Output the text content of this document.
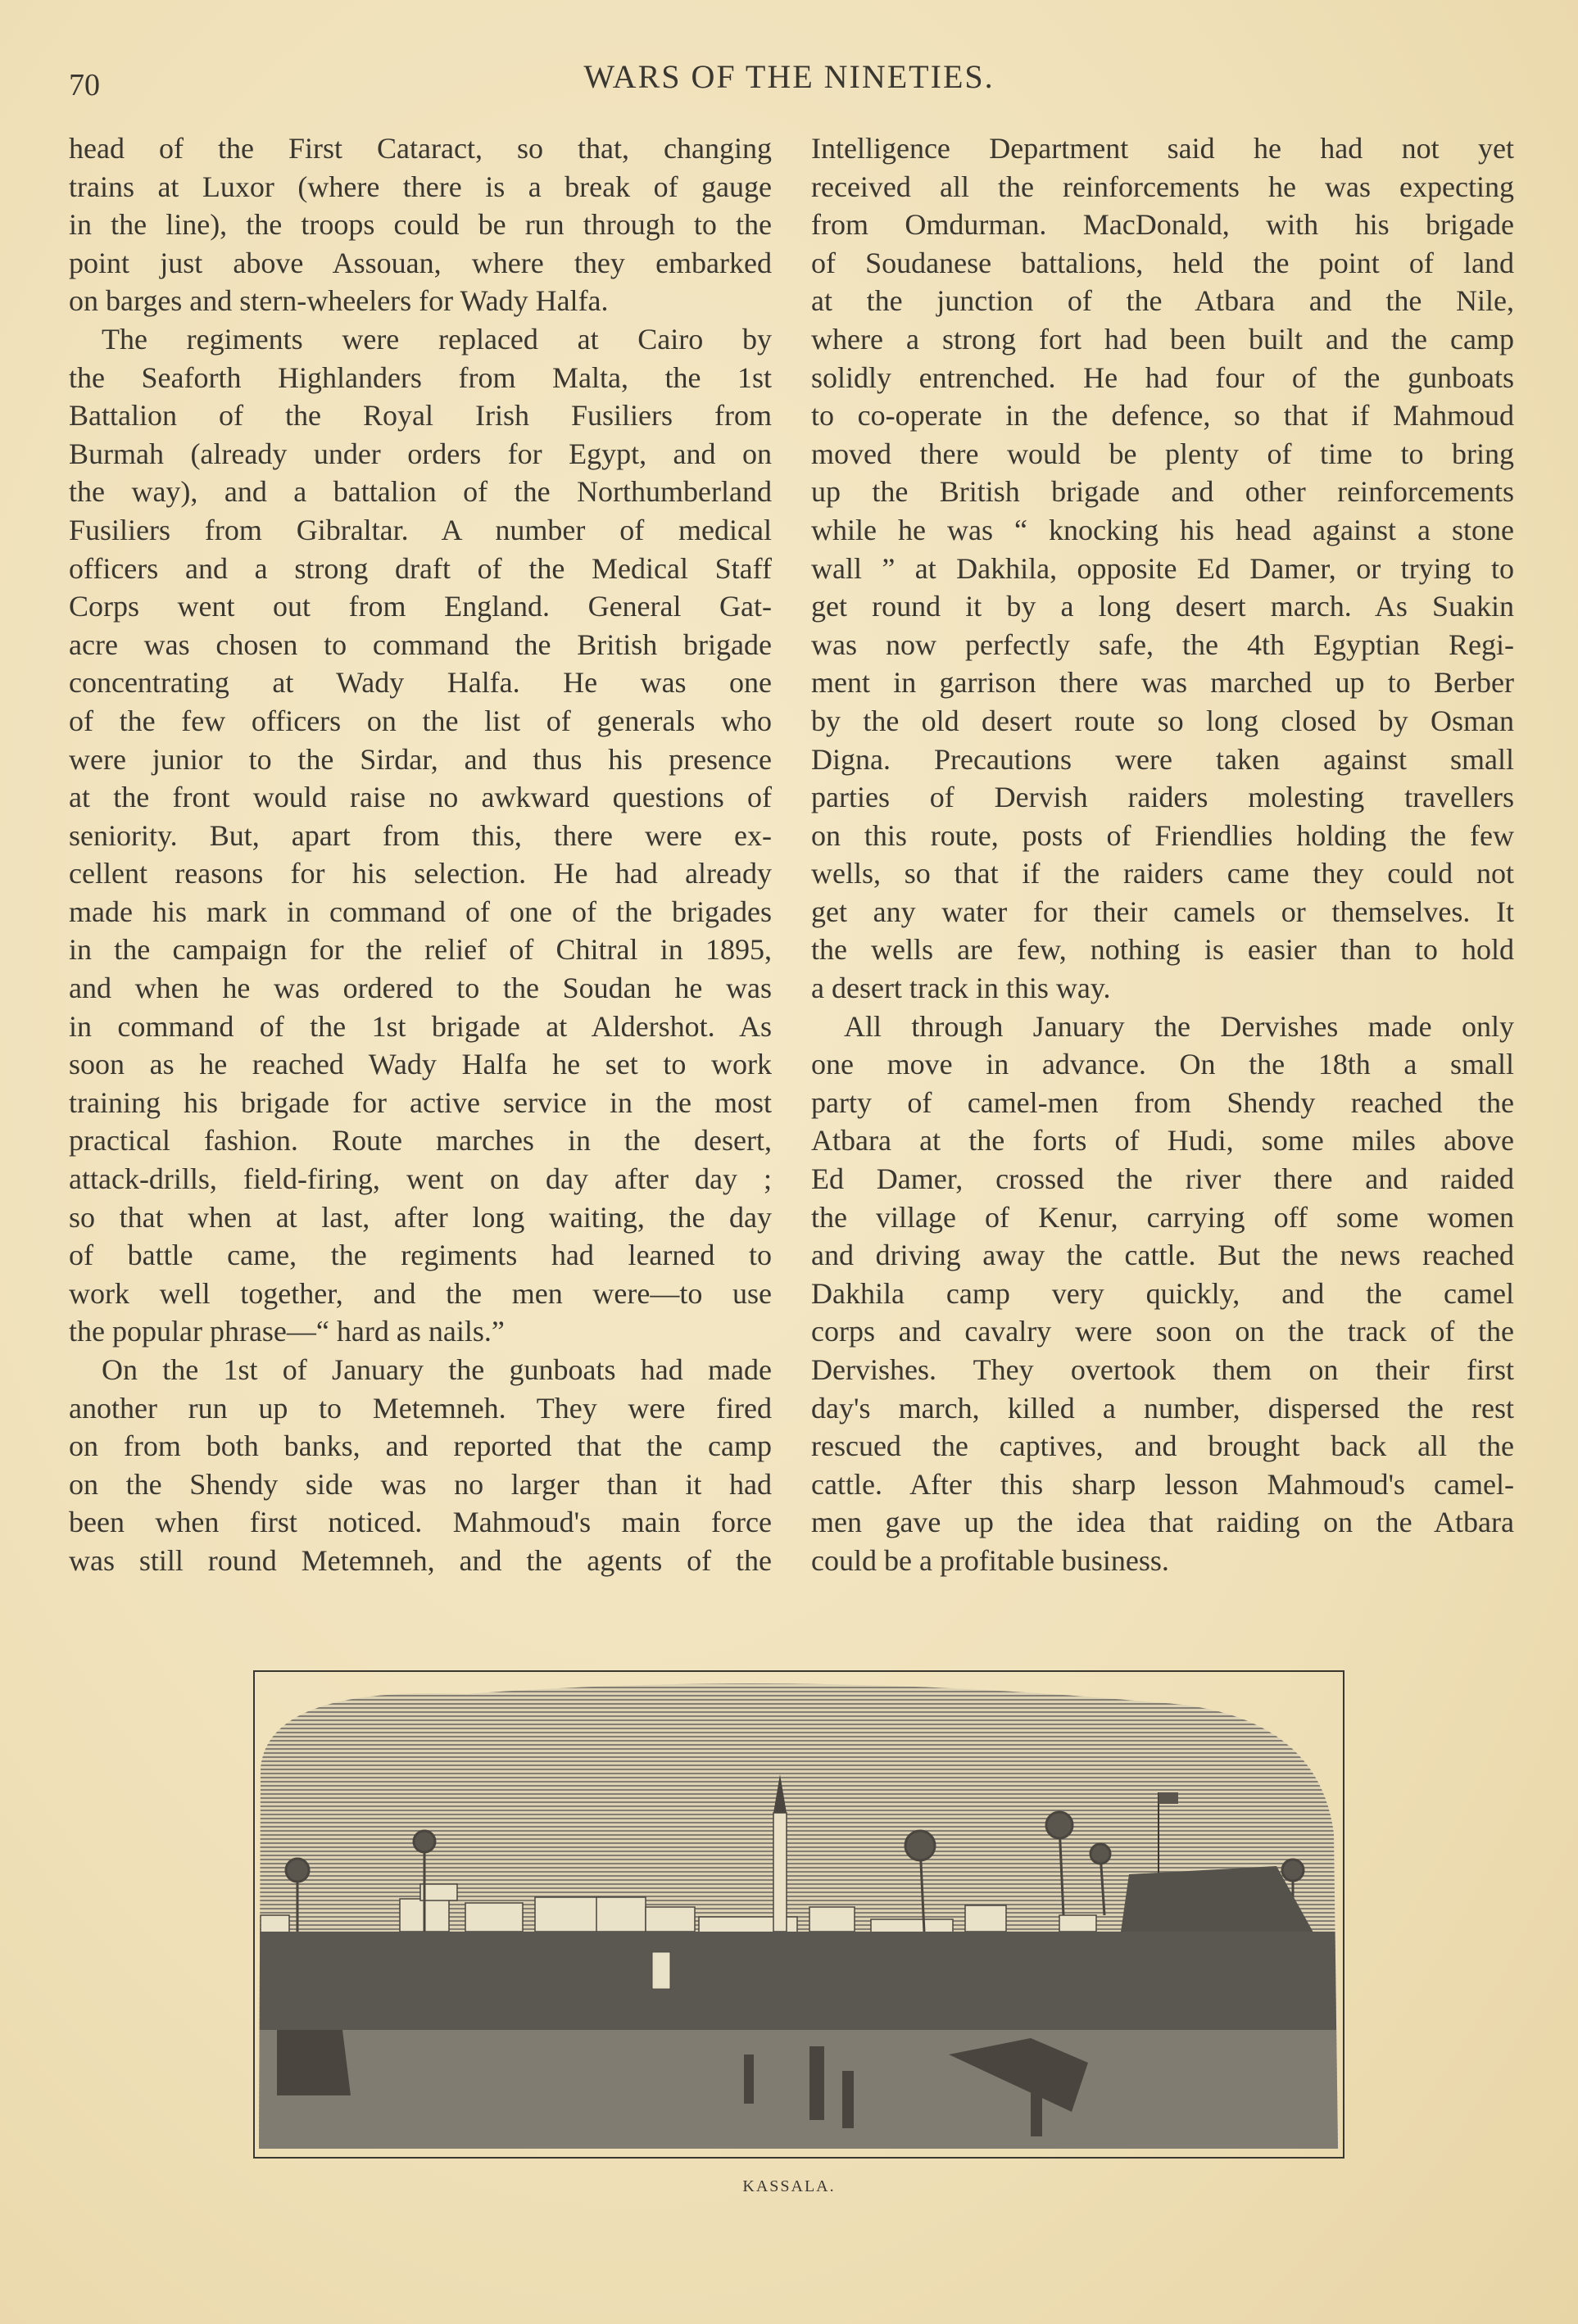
70	WARS OF THE NINETIES.
head of the First Cataract, so that, changing
trains at Luxor (where there is a break of gauge
in the line), the troops could be run through to the
point just above Assouan, where they embarked
on barges and stern-wheelers for Wady Halfa.
The regiments were replaced at Cairo by
the Seaforth Highlanders from Malta, the 1st
Battalion of the Royal Irish Fusiliers from
Burmah (already under orders for Egypt, and on
the way), and a battalion of the Northumberland
Fusiliers from Gibraltar. A number of medical
officers and a strong draft of the Medical Staff
Corps went out from England. General Gat-
acre was chosen to command the British brigade
concentrating at Wady Halfa. He was one
of the few officers on the list of generals who
were junior to the Sirdar, and thus his presence
at the front would raise no awkward questions of
seniority. But, apart from this, there were ex-
cellent reasons for his selection. He had already
made his mark in command of one of the brigades
in the campaign for the relief of Chitral in 1895,
and when he was ordered to the Soudan he was
in command of the 1st brigade at Aldershot. As
soon as he reached Wady Halfa he set to work
training his brigade for active service in the most
practical fashion. Route marches in the desert,
attack-drills, field-firing, went on day after day ;
so that when at last, after long waiting, the day
of battle came, the regiments had learned to
work well together, and the men were—to use
the popular phrase—“ hard as nails.”
On the 1st of January the gunboats had made
another run up to Metemneh. They were fired
on from both banks, and reported that the camp
on the Shendy side was no larger than it had
been when first noticed. Mahmoud's main force
was still round Metemneh, and the agents of the
Intelligence Department said he had not yet
received all the reinforcements he was expecting
from Omdurman. MacDonald, with his brigade
of Soudanese battalions, held the point of land
at the junction of the Atbara and the Nile,
where a strong fort had been built and the camp
solidly entrenched. He had four of the gunboats
to co-operate in the defence, so that if Mahmoud
moved there would be plenty of time to bring
up the British brigade and other reinforcements
while he was “ knocking his head against a stone
wall ” at Dakhila, opposite Ed Damer, or trying to
get round it by a long desert march. As Suakin
was now perfectly safe, the 4th Egyptian Regi-
ment in garrison there was marched up to Berber
by the old desert route so long closed by Osman
Digna. Precautions were taken against small
parties of Dervish raiders molesting travellers
on this route, posts of Friendlies holding the few
wells, so that if the raiders came they could not
get any water for their camels or themselves. It
the wells are few, nothing is easier than to hold
a desert track in this way.
All through January the Dervishes made only
one move in advance. On the 18th a small
party of camel-men from Shendy reached the
Atbara at the forts of Hudi, some miles above
Ed Damer, crossed the river there and raided
the village of Kenur, carrying off some women
and driving away the cattle. But the news reached
Dakhila camp very quickly, and the camel
corps and cavalry were soon on the track of the
Dervishes. They overtook them on their first
day's march, killed a number, dispersed the rest
rescued the captives, and brought back all the
cattle. After this sharp lesson Mahmoud's camel-
men gave up the idea that raiding on the Atbara
could be a profitable business.
KASSALA.
